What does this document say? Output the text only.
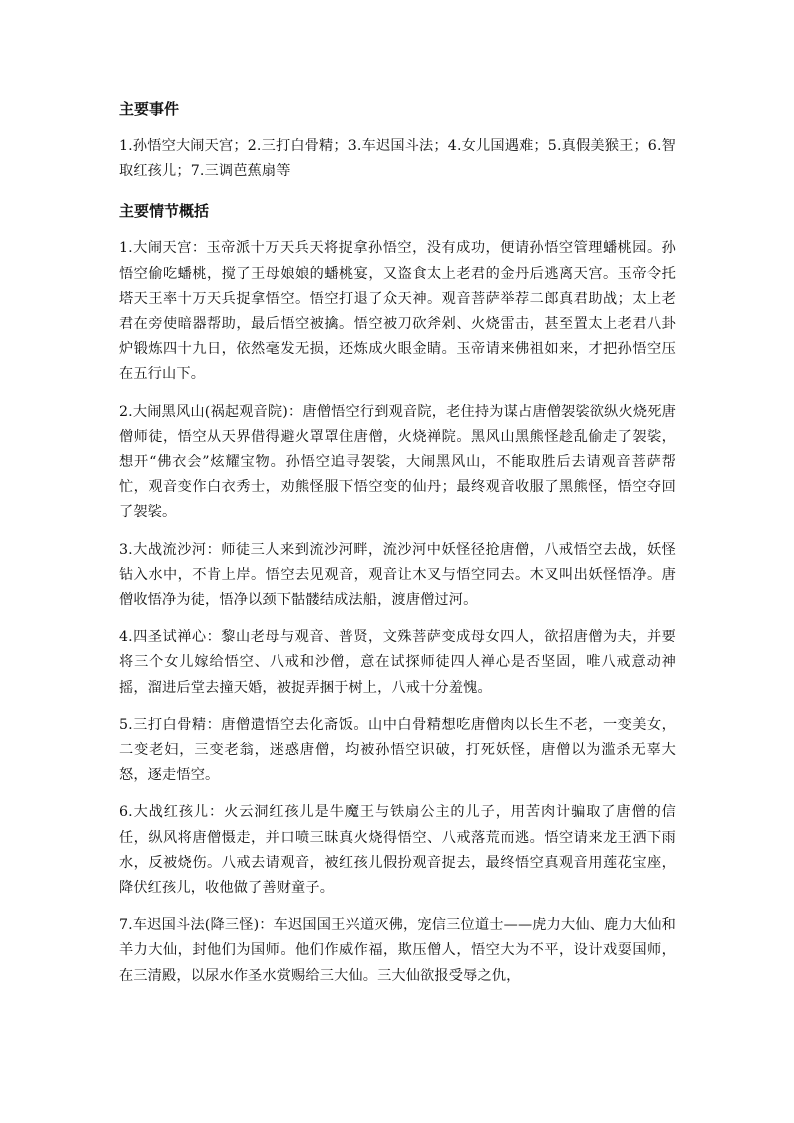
主要事件

1.孙悟空大闹天宫；2.三打白骨精；3.车迟国斗法；4.女儿国遇难；5.真假美猴王；6.智取红孩儿；7.三调芭蕉扇等

主要情节概括

1.大闹天宫：玉帝派十万天兵天将捉拿孙悟空，没有成功，便请孙悟空管理蟠桃园。孙悟空偷吃蟠桃，搅了王母娘娘的蟠桃宴，又盗食太上老君的金丹后逃离天宫。玉帝令托塔天王率十万天兵捉拿悟空。悟空打退了众天神。观音菩萨举荐二郎真君助战；太上老君在旁使暗器帮助，最后悟空被擒。悟空被刀砍斧剁、火烧雷击，甚至置太上老君八卦炉锻炼四十九日，依然毫发无损，还炼成火眼金睛。玉帝请来佛祖如来，才把孙悟空压在五行山下。

2.大闹黑风山(祸起观音院)：唐僧悟空行到观音院，老住持为谋占唐僧袈裟欲纵火烧死唐僧师徒，悟空从天界借得避火罩罩住唐僧，火烧禅院。黑风山黑熊怪趁乱偷走了袈裟，想开“佛衣会”炫耀宝物。孙悟空追寻袈裟，大闹黑风山，不能取胜后去请观音菩萨帮忙，观音变作白衣秀士，劝熊怪服下悟空变的仙丹；最终观音收服了黑熊怪，悟空夺回了袈裟。

3.大战流沙河：师徒三人来到流沙河畔，流沙河中妖怪径抢唐僧，八戒悟空去战，妖怪钻入水中，不肯上岸。悟空去见观音，观音让木叉与悟空同去。木叉叫出妖怪悟净。唐僧收悟净为徒，悟净以颈下骷髅结成法船，渡唐僧过河。

4.四圣试禅心：黎山老母与观音、普贤，文殊菩萨变成母女四人，欲招唐僧为夫，并要将三个女儿嫁给悟空、八戒和沙僧，意在试探师徒四人禅心是否坚固，唯八戒意动神摇，溜进后堂去撞天婚，被捉弄捆于树上，八戒十分羞愧。

5.三打白骨精：唐僧遣悟空去化斋饭。山中白骨精想吃唐僧肉以长生不老，一变美女，二变老妇，三变老翁，迷惑唐僧，均被孙悟空识破，打死妖怪，唐僧以为滥杀无辜大怒，逐走悟空。

6.大战红孩儿：火云洞红孩儿是牛魔王与铁扇公主的儿子，用苦肉计骗取了唐僧的信任，纵风将唐僧慑走，并口喷三昧真火烧得悟空、八戒落荒而逃。悟空请来龙王洒下雨水，反被烧伤。八戒去请观音，被红孩儿假扮观音捉去，最终悟空真观音用莲花宝座，降伏红孩儿，收他做了善财童子。

7.车迟国斗法(降三怪)：车迟国国王兴道灭佛，宠信三位道士——虎力大仙、鹿力大仙和羊力大仙，封他们为国师。他们作威作福，欺压僧人，悟空大为不平，设计戏耍国师，在三清殿，以尿水作圣水赏赐给三大仙。三大仙欲报受辱之仇，
